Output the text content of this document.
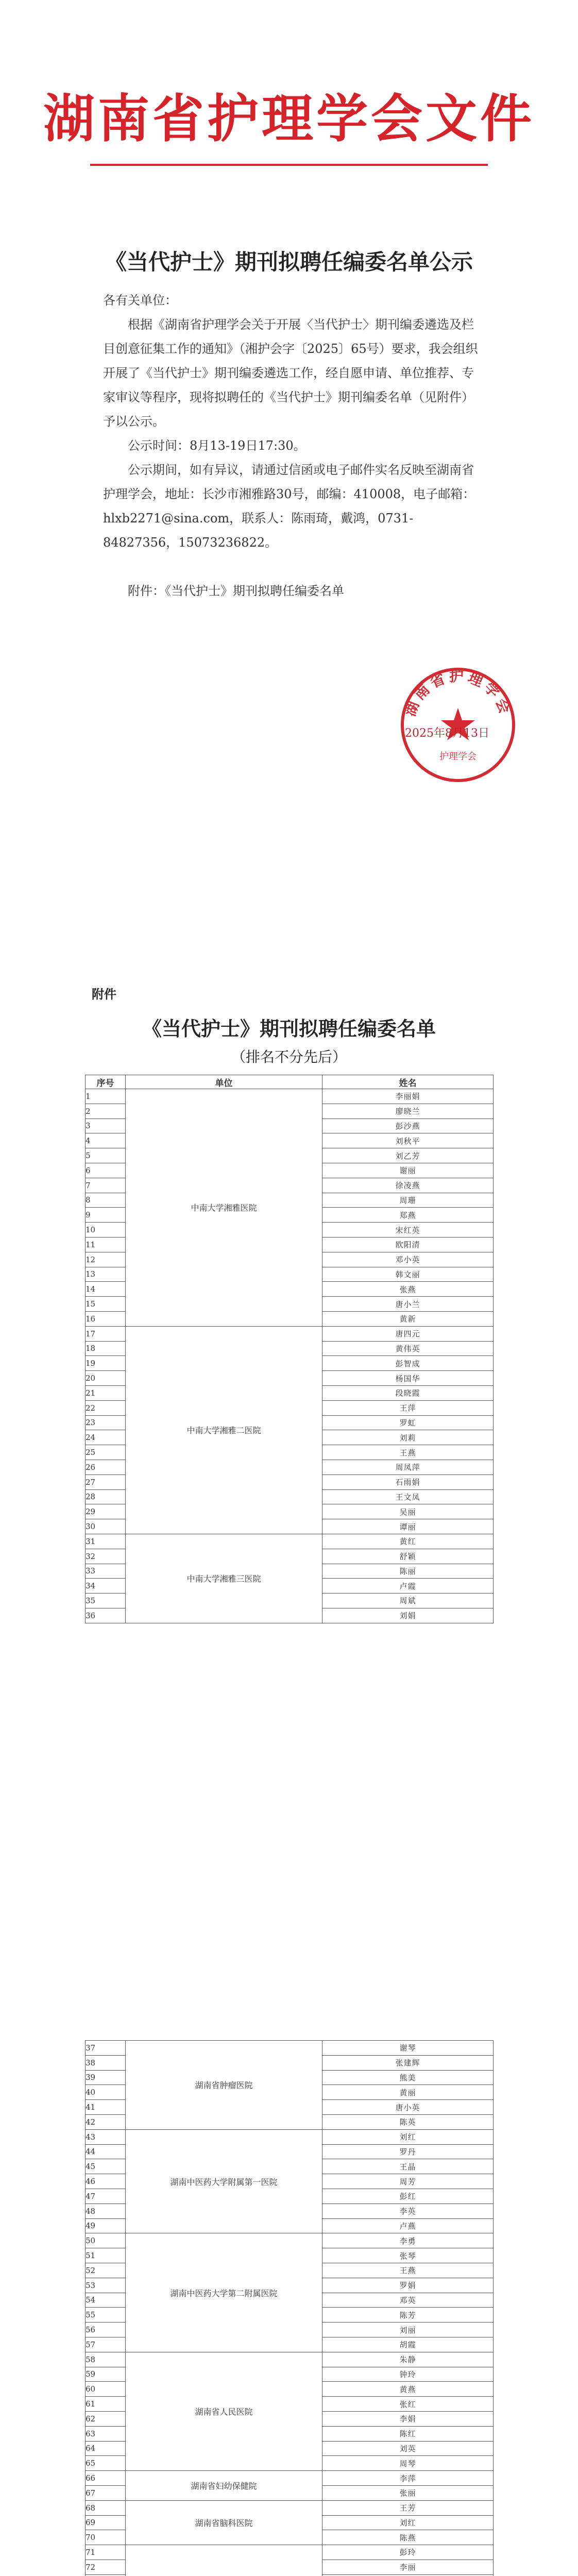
湖南省护理学会文件
《当代护士》期刊拟聘任编委名单公示

各有关单位：

根据《湖南省护理学会关于开展〈当代护士〉期刊编委遴选及栏目创意征集工作的通知》（湘护会字〔2025〕65号）要求，我会组织开展了《当代护士》期刊编委遴选工作，经自愿申请、单位推荐、专家审议等程序，现将拟聘任的《当代护士》期刊编委名单（见附件）予以公示。

公示时间：8月13-19日17:30。

公示期间，如有异议，请通过信函或电子邮件实名反映至湖南省护理学会，地址：长沙市湘雅路30号，邮编：410008，电子邮箱：hlxb2271@sina.com，联系人：陈雨琦，戴鸿，0731-84827356，15073236822。

附件：《当代护士》期刊拟聘任编委名单

湖南省护理学会
护理学会
2025年8月13日
附件
《当代护士》期刊拟聘任编委名单
（排名不分先后）
序号	单位	姓名
1	中南大学湘雅医院	李丽娟
2		廖晓兰
3		彭沙燕
4		刘秋平
5		刘乙芳
6		谢丽
7		徐凌燕
8		周珊
9		郑燕
10		宋红英
11		欧阳清
12		邓小英
13		韩文丽
14		张燕
15		唐小兰
16		黄新
17	中南大学湘雅二医院	唐四元
18		黄伟英
19		彭智成
20		杨国华
21		段晓霞
22		王萍
23		罗虹
24		刘莉
25		王燕
26		周凤萍
27		石雨娟
28		王文凤
29		吴丽
30		谭丽
31	中南大学湘雅三医院	黄红
32		舒颖
33		陈丽
34		卢霞
35		周斌
36		刘娟
37	湖南省肿瘤医院	谢琴
38		张建辉
39		熊美
40		黄丽
41		唐小英
42		陈英
43	湖南中医药大学附属第一医院	刘红
44		罗丹
45		王晶
46		周芳
47		彭红
48		李英
49		卢燕
50	湖南中医药大学第二附属医院	李勇
51		张琴
52		王燕
53		罗娟
54		邓英
55		陈芳
56		刘丽
57		胡霞
58	湖南省人民医院	朱静
59		钟玲
60		黄燕
61		张红
62		李娟
63		陈红
64		刘英
65		周琴
66	湖南省妇幼保健院	李萍
67		张丽
68	湖南省脑科医院	王芳
69		刘红
70		陈燕
71		彭玲
72		李丽
